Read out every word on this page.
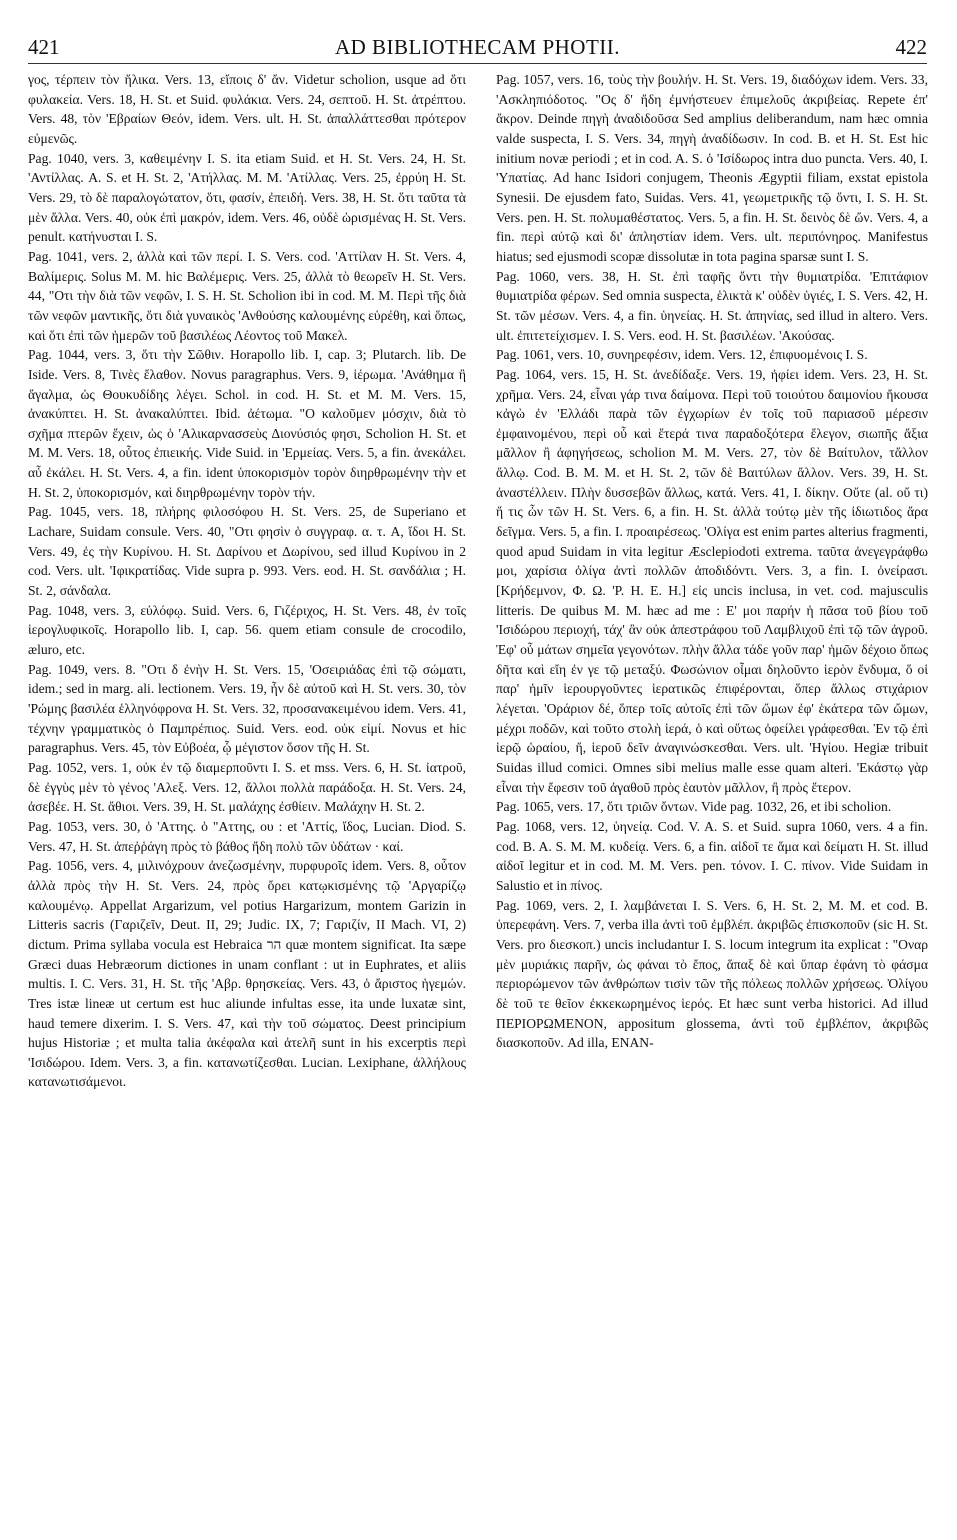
421	AD BIBLIOTHECAM PHOTII.	422

γος, τέρπειν τὸν ἥλικα. Vers. 13, εἴποις δ' ἄν. Videtur scholion, usque ad ὅτι φυλακεία. Vers. 18, H. St. et Suid. φυλάκια. Vers. 24, σεπτοῦ. H. St. ἀτρέπτου. Vers. 48, τὸν 'Εβραίων Θεόν, idem. Vers. ult. H. St. ἀπαλλάττεσθαι πρότερον εὐμενῶς.

Pag. 1040, vers. 3, καθειμένην I. S. ita etiam Suid. et H. St. Vers. 24, H. St. 'Αντίλλας. A. S. et H. St. 2, 'Ατήλλας. M. M. 'Ατίλλας. Vers. 25, ἐρρύη H. St. Vers. 29, τὸ δὲ παραλογώτατον, ὅτι, φασίν, ἐπειδή. Vers. 38, H. St. ὅτι ταῦτα τὰ μὲν ἄλλα. Vers. 40, οὐκ ἐπὶ μακρόν, idem. Vers. 46, οὐδὲ ὡρισμένας H. St. Vers. penult. κατήνυσται I. S.

Pag. 1041, vers. 2, ἀλλὰ καὶ τῶν περί. I. S. Vers. cod. 'Αττίλαν H. St. Vers. 4, Βαλίμερις. Solus M. M. hic Βαλέμερις. Vers. 25, ἀλλὰ τὸ θεωρεῖν H. St. Vers. 44, "Οτι τὴν διὰ τῶν νεφῶν, I. S. H. St. Scholion ibi in cod. M. M. Περὶ τῆς διὰ τῶν νεφῶν μαντικῆς, ὅτι διὰ γυναικὸς 'Ανθούσης καλουμένης εὑρέθη, καὶ ὅπως, καὶ ὅτι ἐπὶ τῶν ἡμερῶν τοῦ βασιλέως Λέοντος τοῦ Μακελ.

Pag. 1044, vers. 3, ὅτι τὴν Σῶθιν. Horapollo lib. I, cap. 3; Plutarch. lib. De Iside. Vers. 8, Τινὲς ἔλαθον. Novus paragraphus. Vers. 9, ἱέρωμα. 'Ανάθημα ἢ ἄγαλμα, ὡς Θουκυδίδης λέγει. Schol. in cod. H. St. et M. M. Vers. 15, ἀνακύπτει. H. St. ἀνακαλύπτει. Ibid. ἀέτωμα. "Ο καλοῦμεν μόσχιν, διὰ τὸ σχῆμα πτερῶν ἔχειν, ὡς ὁ 'Αλικαρνασσεὺς Διονύσιός φησι, Scholion H. St. et M. M. Vers. 18, οὗτος ἐπιεικής. Vide Suid. in 'Ερμείας. Vers. 5, a fin. ἀνεκάλει. αὖ ἐκάλει. H. St. Vers. 4, a fin. ident ὑποκορισμὸν τορὸν διηρθρωμένην τὴν et H. St. 2, ὑποκορισμόν, καὶ διηρθρωμένην τορὸν τήν.

Pag. 1045, vers. 18, πλήρης φιλοσόφου H. St. Vers. 25, de Superiano et Lachare, Suidam consule. Vers. 40, "Οτι φησὶν ὁ συγγραφ. α. τ. A, ἴδοι H. St. Vers. 49, ἐς τὴν Κυρίνου. H. St. Δαρίνου et Δωρίνου, sed illud Κυρίνου in 2 cod. Vers. ult. 'Ιφικρατίδας. Vide supra p. 993. Vers. eod. H. St. σανδάλια ; H. St. 2, σάνδαλα.

Pag. 1048, vers. 3, εὐλόφῳ. Suid. Vers. 6, Γιζέριχος, H. St. Vers. 48, ἐν τοῖς ἱερογλυφικοῖς. Horapollo lib. I, cap. 56. quem etiam consule de crocodilo, æluro, etc.

Pag. 1049, vers. 8. "Οτι δ ἐνὴν H. St. Vers. 15, 'Οσειριάδας ἐπὶ τῷ σώματι, idem.; sed in marg. ali. lectionem. Vers. 19, ἦν δὲ αὐτοῦ καὶ H. St. vers. 30, τὸν 'Ρώμης βασιλέα ἑλληνόφρονα H. St. Vers. 32, προσανακειμένου idem. Vers. 41, τέχνην γραμματικὸς ὁ Παμπρέπιος. Suid. Vers. eod. οὐκ εἰμί. Novus et hic paragraphus. Vers. 45, τὸν Εὐβοέα, ᾧ μέγιστον ὅσον τῆς H. St.

Pag. 1052, vers. 1, οὐκ ἐν τῷ διαμερποῦντι I. S. et mss. Vers. 6, H. St. ἰατροῦ, δὲ ἐγγὺς μὲν τὸ γένος 'Αλεξ. Vers. 12, ἄλλοι πολλὰ παράδοξα. H. St. Vers. 24, ἀσεβέε. H. St. ἄθιοι. Vers. 39, H. St. μαλάχης ἐσθίειν. Μαλάχην H. St. 2.

Pag. 1053, vers. 30, ὁ 'Αττης. ὁ "Αττης, ου : et 'Αττίς, ἴδος, Lucian. Diod. S. Vers. 47, H. St. ἀπεῤῥάγη πρὸς τὸ βάθος ἤδη πολὺ τῶν ὑδάτων · καί.

Pag. 1056, vers. 4, μιλινόχρουν ἀνεζωσμένην, πυρφυροῖς idem. Vers. 8, οὗτον ἀλλὰ πρὸς τὴν H. St. Vers. 24, πρὸς ὄρει κατῳκισμένης τῷ 'Αργαρίζῳ καλουμένῳ. Appellat Argarizum, vel potius Hargarizum, montem Garizin in Litteris sacris (Γαριζεῖν, Deut. II, 29; Judic. IX, 7; Γαριζίν, II Mach. VI, 2) dictum. Prima syllaba vocula est Hebraica הר quæ montem significat. Ita sæpe Græci duas Hebræorum dictiones in unam conflant : ut in Euphrates, et aliis multis. I. C. Vers. 31, H. St. τῆς 'Αβρ. θρησκείας. Vers. 43, ὁ ἄριστος ἡγεμών. Tres istæ lineæ ut certum est huc aliunde infultas esse, ita unde luxatæ sint, haud temere dixerim. I. S. Vers. 47, καὶ τὴν τοῦ σώματος. Deest principium hujus Historiæ ; et multa talia ἀκέφαλα καὶ ἀτελῆ sunt in his excerptis περὶ 'Ισιδώρου. Idem. Vers. 3, a fin. κατανωτίζεσθαι. Lucian. Lexiphane, ἀλλήλους κατανωτισάμενοι.

Pag. 1057, vers. 16, τοὺς τὴν βουλήν. H. St. Vers. 19, διαδόχων idem. Vers. 33, 'Ασκληπιόδοτος. "Ος δ' ἤδη ἐμνήστευεν ἐπιμελοῦς ἀκριβείας. Repete ἐπ' ἄκρον. Deinde πηγὴ ἀναδιδοῦσα Sed amplius deliberandum, nam hæc omnia valde suspecta, I. S. Vers. 34, πηγὴ ἀναδίδωσιν. In cod. B. et H. St. Est hic initium novæ periodi ; et in cod. A. S. ὁ 'Ισίδωρος intra duo puncta. Vers. 40, I. 'Υπατίας. Ad hanc Isidori conjugem, Theonis Ægyptii filiam, exstat epistola Synesii. De ejusdem fato, Suidas. Vers. 41, γεωμετρικῆς τῷ ὄντι, I. S. H. St. Vers. pen. H. St. πολυμαθέστατος. Vers. 5, a fin. H. St. δεινὸς δὲ ὤν. Vers. 4, a fin. περὶ αὐτῷ καὶ δι' ἀπληστίαν idem. Vers. ult. περιπόνηρος. Manifestus hiatus; sed ejusmodi scopæ dissolutæ in tota pagina sparsæ sunt I. S.

Pag. 1060, vers. 38, H. St. ἐπὶ ταφῆς ὄντι τὴν θυμιατρίδα. 'Επιτάφιον θυμιατρίδα φέρων. Sed omnia suspecta, ἑλικτὰ κ' οὐδὲν ὑγιές, I. S. Vers. 42, H. St. τῶν μέσων. Vers. 4, a fin. ὑηνείας. H. St. ἀπηνίας, sed illud in altero. Vers. ult. ἐπιτετείχισμεν. I. S. Vers. eod. H. St. βασιλέων. 'Ακούσας.

Pag. 1061, vers. 10, συνηρεφέσιν, idem. Vers. 12, ἐπιφυομένοις I. S.

Pag. 1064, vers. 15, H. St. ἀνεδίδαξε. Vers. 19, ἠφίει idem. Vers. 23, H. St. χρῆμα. Vers. 24, εἶναι γάρ τινα δαίμονα. Περὶ τοῦ τοιούτου δαιμονίου ἤκουσα κἀγὼ ἐν 'Ελλάδι παρὰ τῶν ἐγχωρίων ἐν τοῖς τοῦ παριασοῦ μέρεσιν ἐμφαινομένου, περὶ οὗ καὶ ἕτερά τινα παραδοξότερα ἔλεγον, σιωπῆς ἄξια μᾶλλον ἢ ἀφηγήσεως, scholion M. M. Vers. 27, τὸν δὲ Βαίτυλον, τἄλλον ἄλλῳ. Cod. B. M. M. et H. St. 2, τῶν δὲ Βαιτύλων ἄλλον. Vers. 39, H. St. ἀναστέλλειν. Πλὴν δυσσεβῶν ἄλλως, κατά. Vers. 41, I. δίκην. Οὔτε (al. οὔ τι) ἥ τις ὦν τῶν H. St. Vers. 6, a fin. H. St. ἀλλὰ τούτῳ μὲν τῆς ἰδιωτιδος ἄρα δεῖγμα. Vers. 5, a fin. I. προαιρέσεως. 'Ολίγα est enim partes alterius fragmenti, quod apud Suidam in vita legitur Æsclepiodoti extrema. ταῦτα ἀνεγεγράφθω μοι, χαρίσια ὀλίγα ἀντὶ πολλῶν ἀποδιδόντι. Vers. 3, a fin. I. ὀνείρασι. [Κρήδεμνον, Φ. Ω. 'Ρ. Η. Ε. Η.] εἰς uncis inclusa, in vet. cod. majusculis litteris. De quibus M. M. hæc ad me : Ε' μοι παρήν ἡ πᾶσα τοῦ βίου τοῦ 'Ισιδώρου περιοχή, τάχ' ἂν οὐκ ἀπεστράφου τοῦ Λαμβλιχοῦ ἐπὶ τῷ τῶν ἀγροῦ. Ἐφ' οὗ μάτων σημεῖα γεγονότων. πλὴν ἄλλα τάδε γοῦν παρ' ἡμῶν δέχοιο ὅπως δῆτα καὶ εἴη ἐν γε τῷ μεταξύ. Φωσώνιον οἶμαι δηλοῦντο ἱερὸν ἔνδυμα, ὅ οἱ παρ' ἡμῖν ἱερουργοῦντες ἱερατικῶς ἐπιφέρονται, ὅπερ ἄλλως στιχάριον λέγεται. 'Οράριον δέ, ὅπερ τοῖς αὐτοῖς ἐπὶ τῶν ὤμων ἐφ' ἑκάτερα τῶν ὤμων, μέχρι ποδῶν, καὶ τοῦτο στολὴ ἱερά, ὁ καὶ οὕτως ὀφείλει γράφεσθαι. Ἐν τῷ ἐπὶ ἱερῷ ὡραίου, ἤ, ἱεροῦ δεῖν ἀναγινώσκεσθαι. Vers. ult. 'Ηγίου. Hegiæ tribuit Suidas illud comici. Omnes sibi melius malle esse quam alteri. 'Εκάστῳ γὰρ εἶναι τὴν ἔφεσιν τοῦ ἀγαθοῦ πρὸς ἑαυτὸν μᾶλλον, ἢ πρὸς ἕτερον.

Pag. 1065, vers. 17, ὅτι τριῶν ὄντων. Vide pag. 1032, 26, et ibi scholion.

Pag. 1068, vers. 12, ὑηνείᾳ. Cod. V. A. S. et Suid. supra 1060, vers. 4 a fin. cod. B. A. S. M. M. κυδείᾳ. Vers. 6, a fin. αἰδοῖ τε ἅμα καὶ δείματι H. St. illud αἰδοῖ legitur et in cod. M. M. Vers. pen. τόνον. I. C. πίνον. Vide Suidam in Salustio et in πίνος.

Pag. 1069, vers. 2, I. λαμβάνεται I. S. Vers. 6, H. St. 2, M. M. et cod. B. ὑπερεφάνη. Vers. 7, verba illa ἀντὶ τοῦ ἐμβλέπ. ἀκριβῶς ἐπισκοποῦν (sic H. St. Vers. pro διεσκοπ.) uncis includantur I. S. locum integrum ita explicat : "Οναρ μὲν μυριάκις παρῆν, ὡς φάναι τὸ ἔπος, ἅπαξ δὲ καὶ ὕπαρ ἐφάνη τὸ φάσμα περιορώμενον τῶν ἀνθρώπων τισὶν τῶν τῆς πόλεως πολλῶν χρήσεως. Ὀλίγου δὲ τοῦ τε θεῖον ἐκκεκωρημένος ἱερός. Et hæc sunt verba historici. Ad illud ΠΕΡΙΟΡΩΜΕΝΟΝ, appositum glossema, ἀντὶ τοῦ ἐμβλέπον, ἀκριβῶς διασκοποῦν. Ad illa, ENAN-
